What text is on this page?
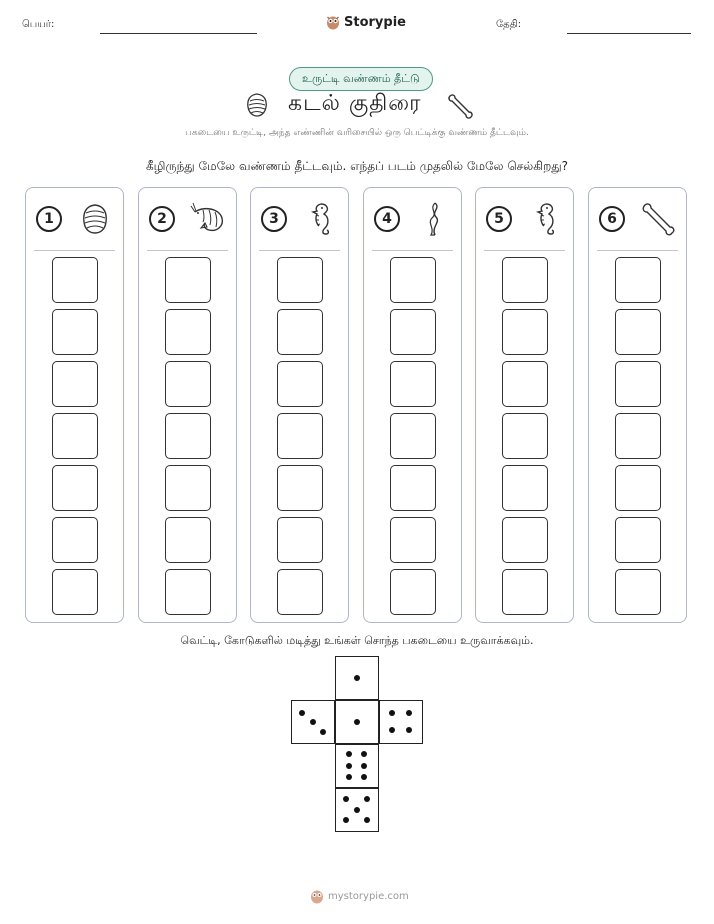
பெயர்:	Storypie	தேதி:
உருட்டி வண்ணம் தீட்டு
கடல் குதிரை
பகடையை உருட்டி, அந்த எண்ணின் வரிசையில் ஒரு பெட்டிக்கு வண்ணம் தீட்டவும்.
கீழிருந்து மேலே வண்ணம் தீட்டவும். எந்தப் படம் முதலில் மேலே செல்கிறது?
1	2	3	4	5	6
வெட்டி, கோடுகளில் மடித்து உங்கள் சொந்த பகடையை உருவாக்கவும்.
mystorypie.com
